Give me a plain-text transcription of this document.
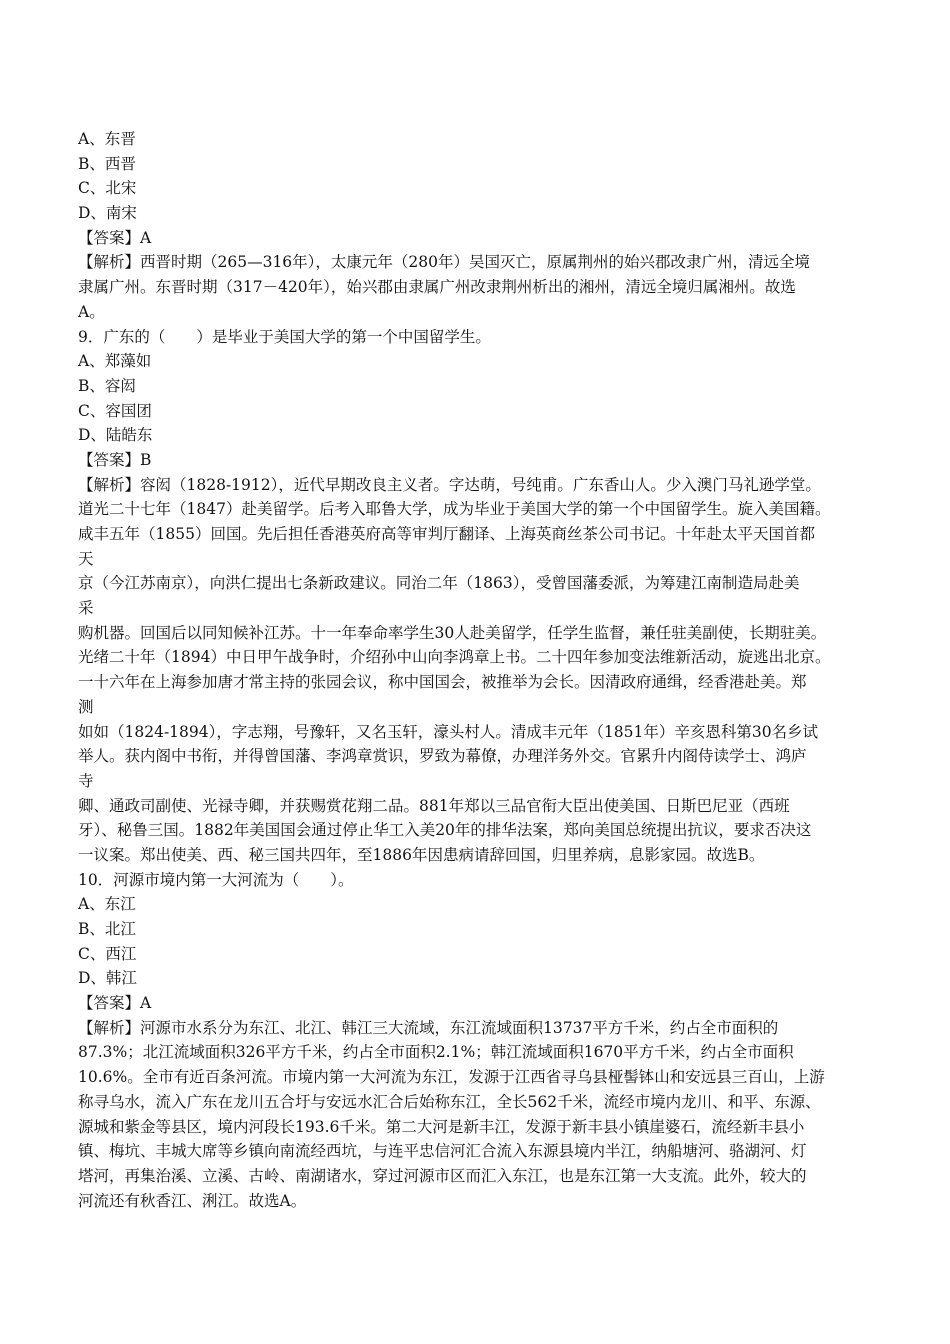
A、东晋
B、西晋
C、北宋
D、南宋
【答案】A
【解析】西晋时期（265—316年），太康元年（280年）吴国灭亡，原属荆州的始兴郡改隶广州，清远全境
隶属广州。东晋时期（317－420年），始兴郡由隶属广州改隶荆州析出的湘州，清远全境归属湘州。故选
A。
9．广东的（　　）是毕业于美国大学的第一个中国留学生。
A、郑藻如
B、容闳
C、容国团
D、陆皓东
【答案】B
【解析】容闳（1828-1912），近代早期改良主义者。字达萌，号纯甫。广东香山人。少入澳门马礼逊学堂。
道光二十七年（1847）赴美留学。后考入耶鲁大学，成为毕业于美国大学的第一个中国留学生。旋入美国籍。
咸丰五年（1855）回国。先后担任香港英府高等审判厅翻译、上海英商丝茶公司书记。十年赴太平天国首都
天
京（今江苏南京），向洪仁提出七条新政建议。同治二年（1863），受曾国藩委派，为筹建江南制造局赴美
采
购机器。回国后以同知候补江苏。十一年奉命率学生30人赴美留学，任学生监督，兼任驻美副使，长期驻美。
光绪二十年（1894）中日甲午战争时，介绍孙中山向李鸿章上书。二十四年参加变法维新活动，旋逃出北京。
一十六年在上海参加唐才常主持的张园会议，称中国国会，被推举为会长。因清政府通缉，经香港赴美。郑
测
如如（1824-1894），字志翔，号豫轩，又名玉轩，濠头村人。清成丰元年（1851年）辛亥恩科第30名乡试
举人。获内阁中书衔，并得曾国藩、李鸿章赏识，罗致为幕僚，办理洋务外交。官累升内阁侍读学士、鸿庐
寺
卿、通政司副使、光禄寺卿，并获赐赏花翔二品。881年郑以三品官衔大臣出使美国、日斯巴尼亚（西班
牙）、秘鲁三国。1882年美国国会通过停止华工入美20年的排华法案，郑向美国总统提出抗议，要求否决这
一议案。郑出使美、西、秘三国共四年，至1886年因患病请辞回国，归里养病，息影家园。故选B。
10．河源市境内第一大河流为（　　）。
A、东江
B、北江
C、西江
D、韩江
【答案】A
【解析】河源市水系分为东江、北江、韩江三大流域，东江流域面积13737平方千米，约占全市面积的
87.3%；北江流域面积326平方千米，约占全市面积2.1%；韩江流域面积1670平方千米，约占全市面积
10.6%。全市有近百条河流。市境内第一大河流为东江，发源于江西省寻乌县桠髻钵山和安远县三百山，上游
称寻乌水，流入广东在龙川五合圩与安远水汇合后始称东江，全长562千米，流经市境内龙川、和平、东源、
源城和紫金等县区，境内河段长193.6千米。第二大河是新丰江，发源于新丰县小镇崖婆石，流经新丰县小
镇、梅坑、丰城大席等乡镇向南流经西坑，与连平忠信河汇合流入东源县境内半江，纳船塘河、骆湖河、灯
塔河，再集治溪、立溪、古岭、南湖诸水，穿过河源市区而汇入东江，也是东江第一大支流。此外，较大的
河流还有秋香江、浰江。故选A。
